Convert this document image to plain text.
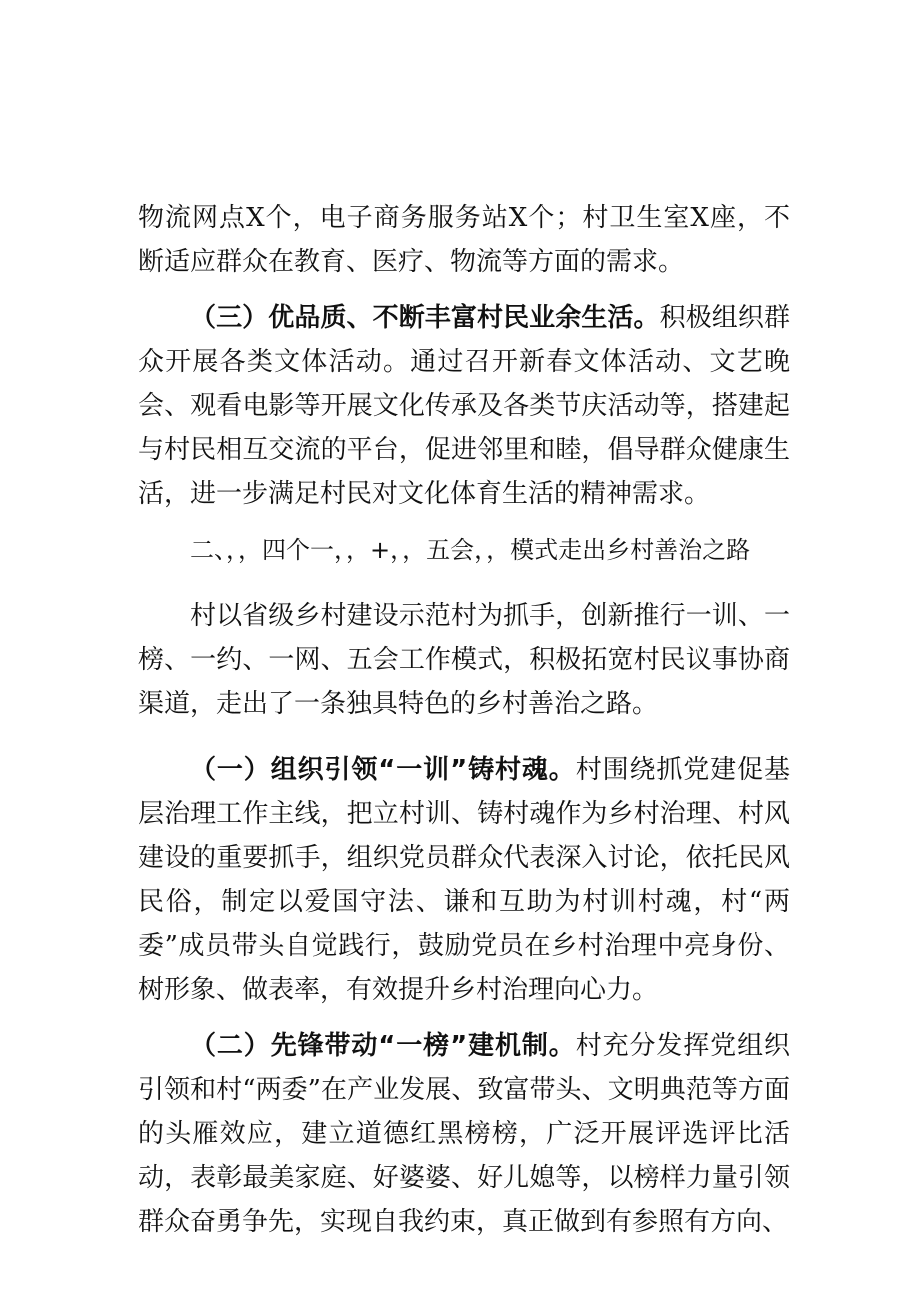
物流网点X个，电子商务服务站X个；村卫生室X座，不断适应群众在教育、医疗、物流等方面的需求。

（三）优品质、不断丰富村民业余生活。积极组织群众开展各类文体活动。通过召开新春文体活动、文艺晚会、观看电影等开展文化传承及各类节庆活动等，搭建起与村民相互交流的平台，促进邻里和睦，倡导群众健康生活，进一步满足村民对文化体育生活的精神需求。

二、，，四个一，，+，，五会，，模式走出乡村善治之路

村以省级乡村建设示范村为抓手，创新推行一训、一榜、一约、一网、五会工作模式，积极拓宽村民议事协商渠道，走出了一条独具特色的乡村善治之路。

（一）组织引领“一训”铸村魂。村围绕抓党建促基层治理工作主线，把立村训、铸村魂作为乡村治理、村风建设的重要抓手，组织党员群众代表深入讨论，依托民风民俗，制定以爱国守法、谦和互助为村训村魂，村“两委”成员带头自觉践行，鼓励党员在乡村治理中亮身份、树形象、做表率，有效提升乡村治理向心力。

（二）先锋带动“一榜”建机制。村充分发挥党组织引领和村“两委”在产业发展、致富带头、文明典范等方面的头雁效应，建立道德红黑榜榜，广泛开展评选评比活动，表彰最美家庭、好婆婆、好儿媳等，以榜样力量引领群众奋勇争先，实现自我约束，真正做到有参照有方向、
